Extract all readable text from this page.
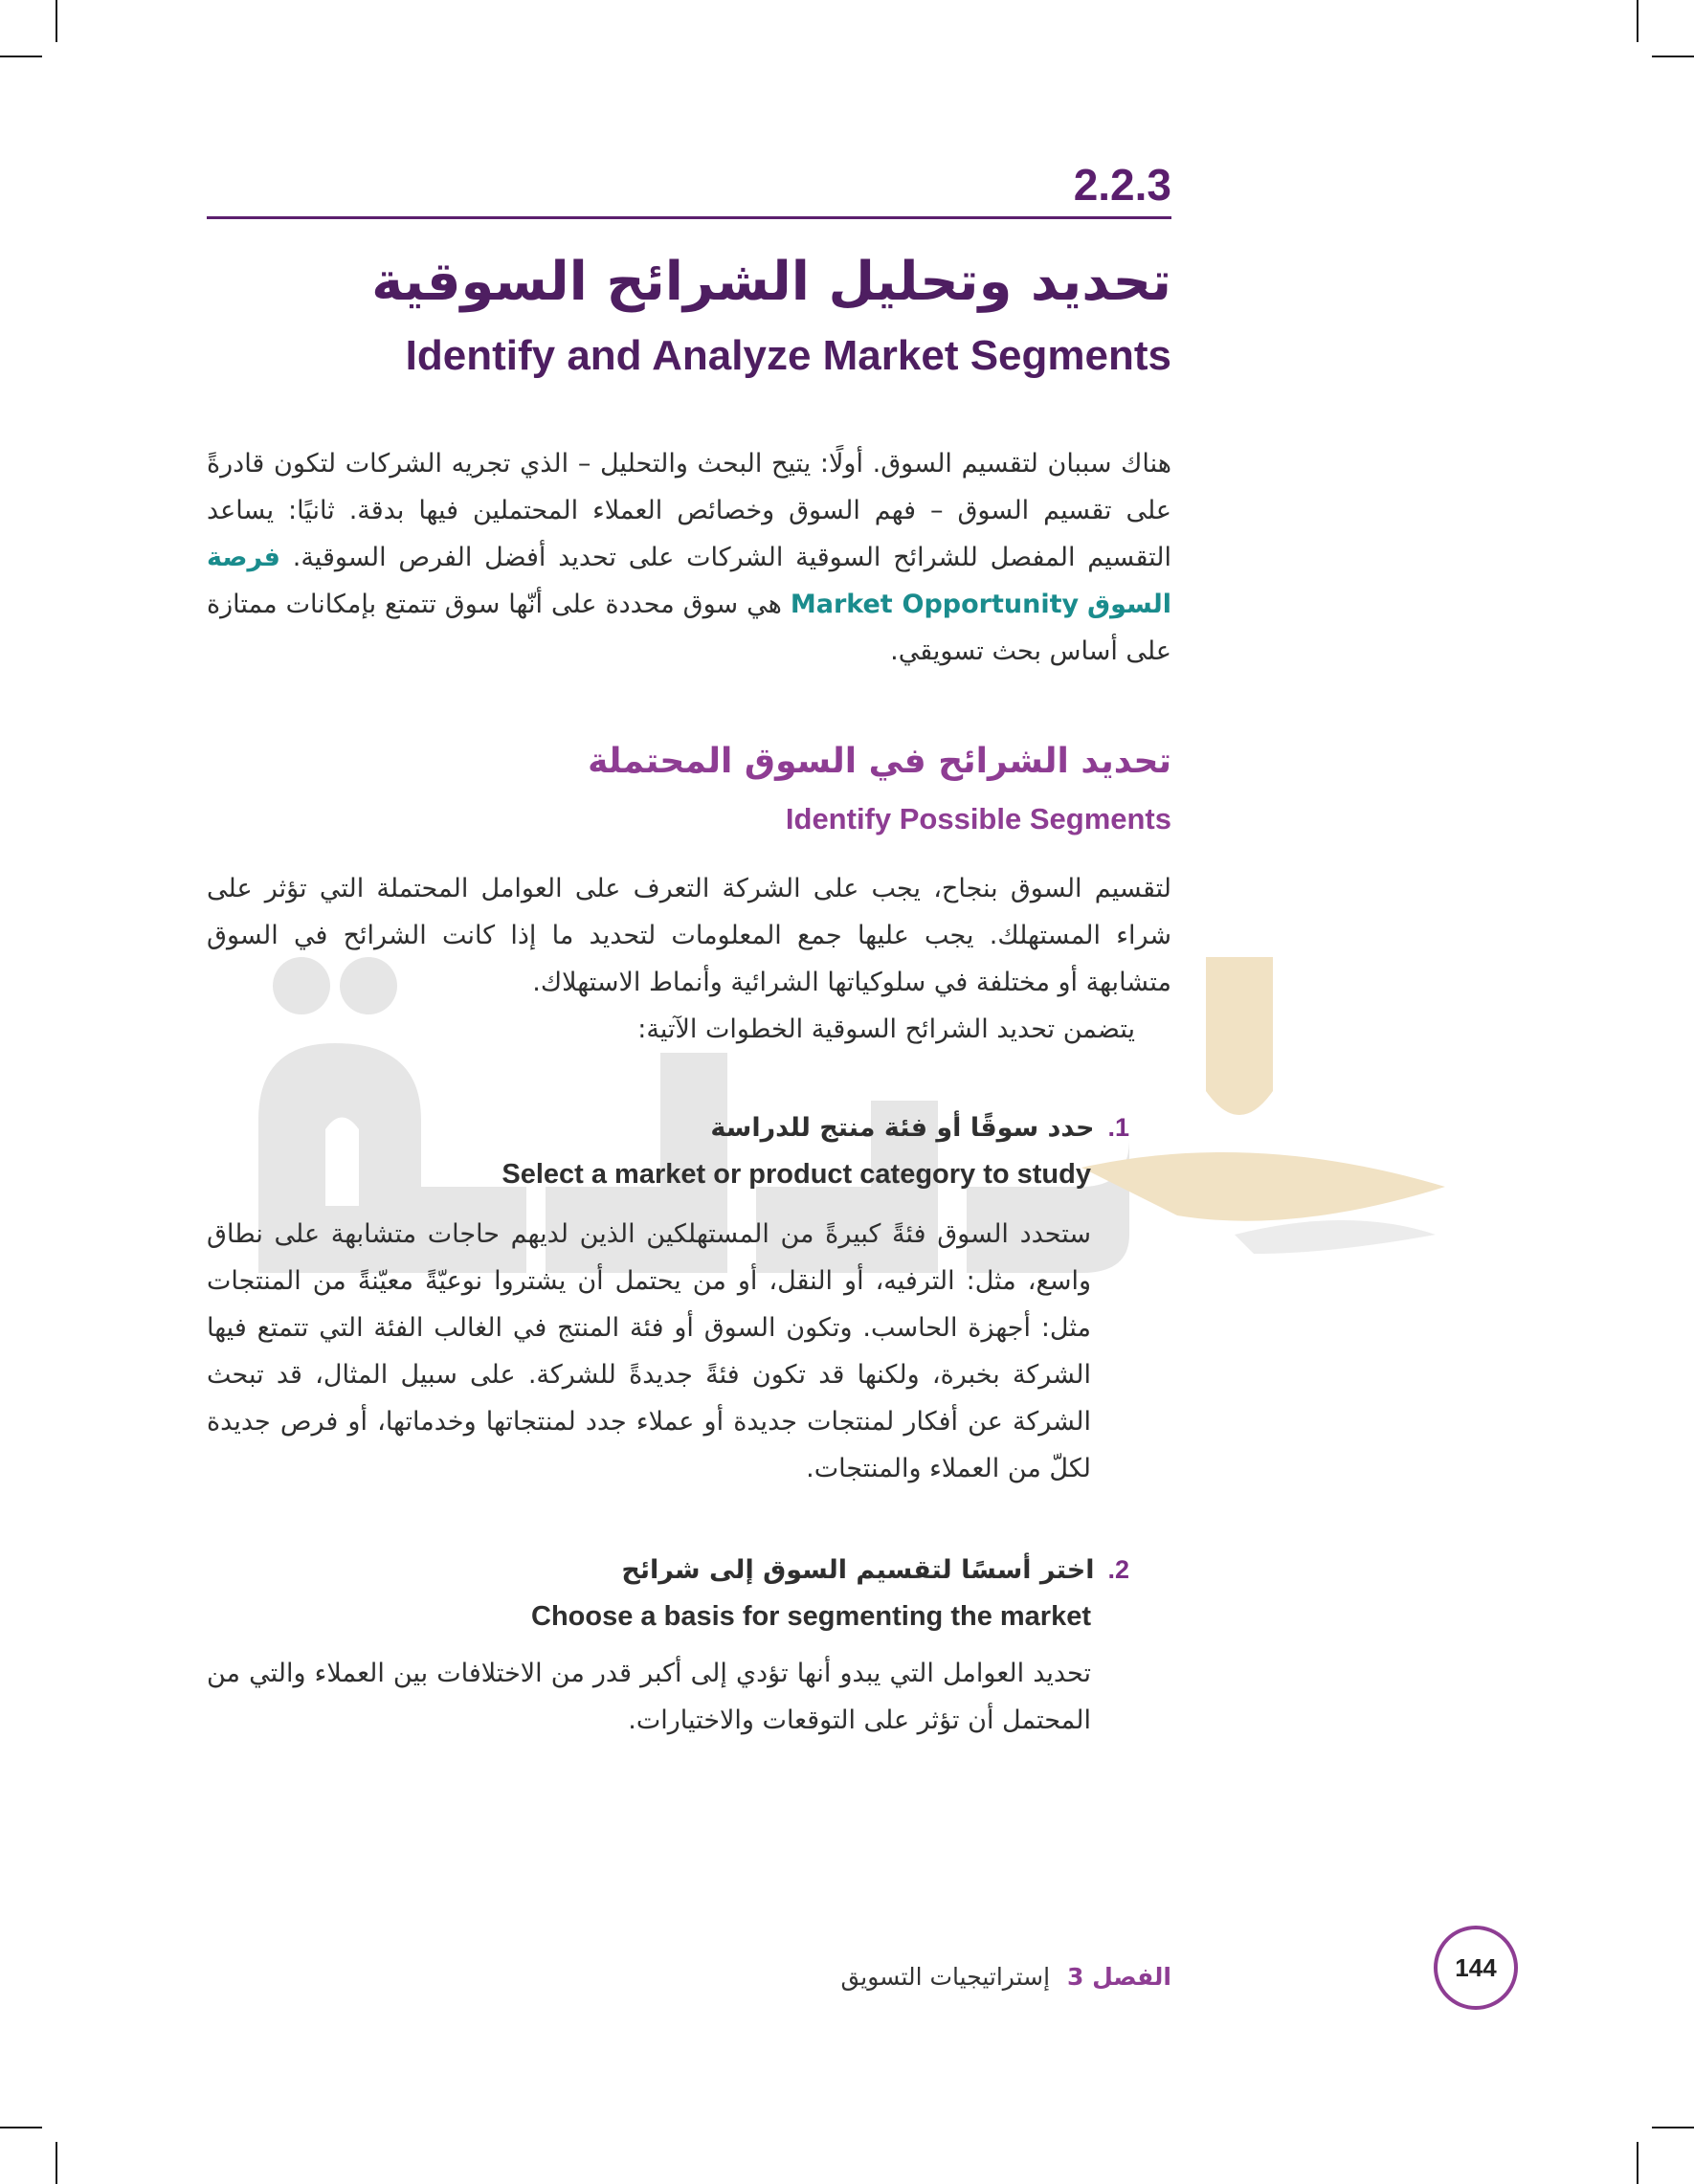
2.2.3
تحديد وتحليل الشرائح السوقية
Identify and Analyze Market Segments
هناك سببان لتقسيم السوق. أولًا: يتيح البحث والتحليل – الذي تجريه الشركات لتكون قادرةً على تقسيم السوق – فهم السوق وخصائص العملاء المحتملين فيها بدقة. ثانيًا: يساعد التقسيم المفصل للشرائح السوقية الشركات على تحديد أفضل الفرص السوقية. فرصة السوق Market Opportunity هي سوق محددة على أنّها سوق تتمتع بإمكانات ممتازة على أساس بحث تسويقي.
تحديد الشرائح في السوق المحتملة
Identify Possible Segments
لتقسيم السوق بنجاح، يجب على الشركة التعرف على العوامل المحتملة التي تؤثر على شراء المستهلك. يجب عليها جمع المعلومات لتحديد ما إذا كانت الشرائح في السوق متشابهة أو مختلفة في سلوكياتها الشرائية وأنماط الاستهلاك.
يتضمن تحديد الشرائح السوقية الخطوات الآتية:
1.حدد سوقًا أو فئة منتج للدراسة
Select a market or product category to study
ستحدد السوق فئةً كبيرةً من المستهلكين الذين لديهم حاجات متشابهة على نطاق واسع، مثل: الترفيه، أو النقل، أو من يحتمل أن يشتروا نوعيّةً معيّنةً من المنتجات مثل: أجهزة الحاسب. وتكون السوق أو فئة المنتج في الغالب الفئة التي تتمتع فيها الشركة بخبرة، ولكنها قد تكون فئةً جديدةً للشركة. على سبيل المثال، قد تبحث الشركة عن أفكار لمنتجات جديدة أو عملاء جدد لمنتجاتها وخدماتها، أو فرص جديدة لكلّ من العملاء والمنتجات.
2.اختر أسسًا لتقسيم السوق إلى شرائح
Choose a basis for segmenting the market
تحديد العوامل التي يبدو أنها تؤدي إلى أكبر قدر من الاختلافات بين العملاء والتي من المحتمل أن تؤثر على التوقعات والاختيارات.
الفصل 3 إستراتيجيات التسويق	144
